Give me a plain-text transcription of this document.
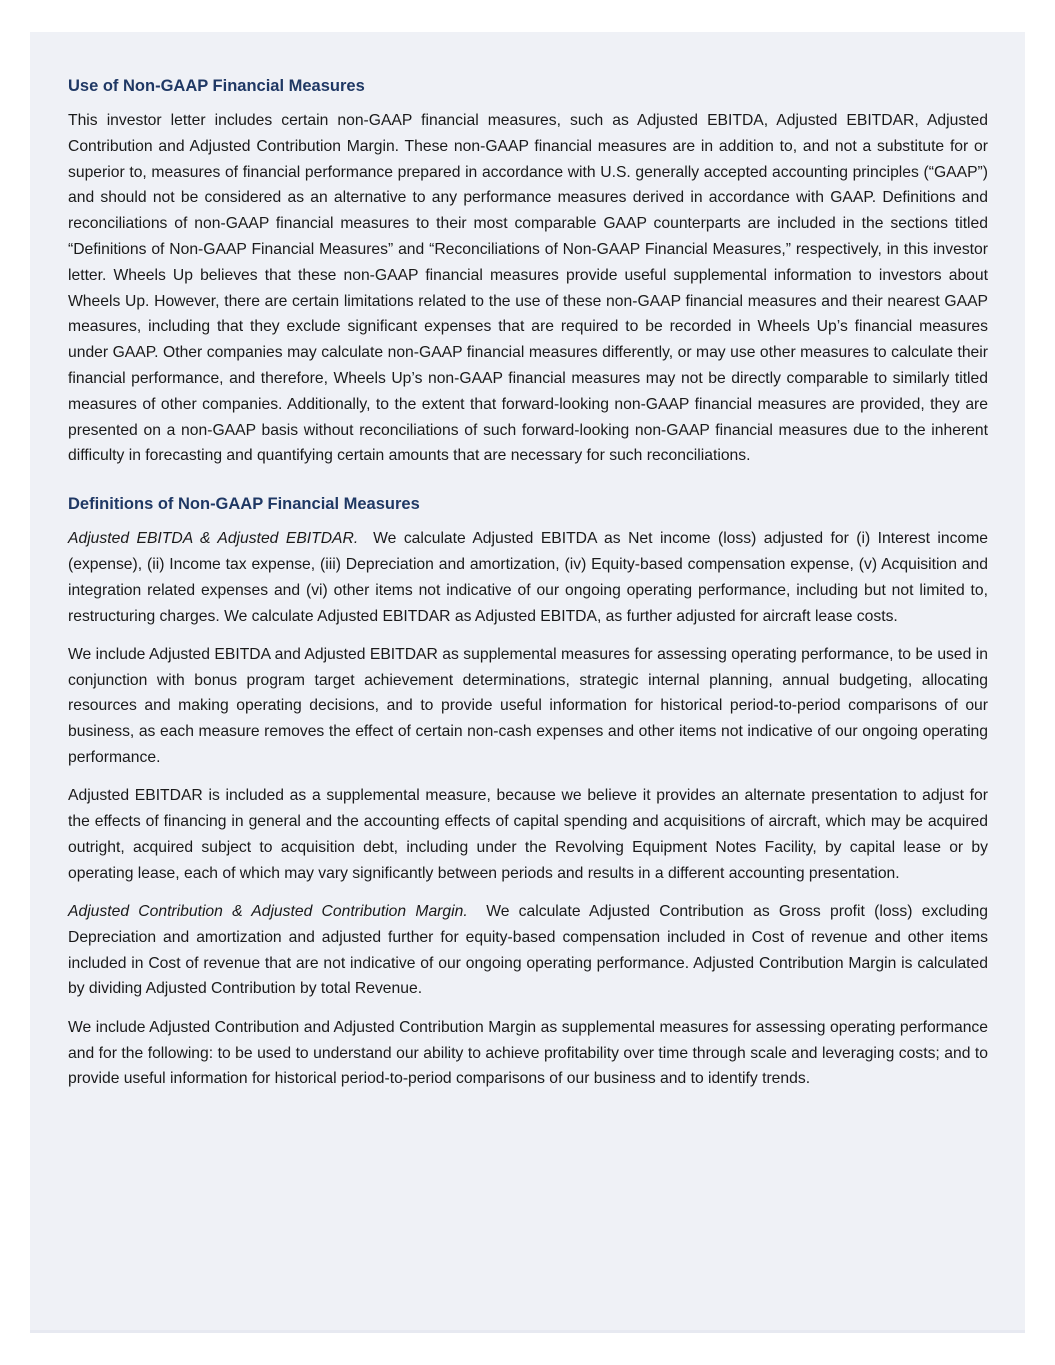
Use of Non-GAAP Financial Measures

This investor letter includes certain non-GAAP financial measures, such as Adjusted EBITDA, Adjusted EBITDAR, Adjusted Contribution and Adjusted Contribution Margin. These non-GAAP financial measures are in addition to, and not a substitute for or superior to, measures of financial performance prepared in accordance with U.S. generally accepted accounting principles (“GAAP”) and should not be considered as an alternative to any performance measures derived in accordance with GAAP. Definitions and reconciliations of non-GAAP financial measures to their most comparable GAAP counterparts are included in the sections titled “Definitions of Non-GAAP Financial Measures” and “Reconciliations of Non-GAAP Financial Measures,” respectively, in this investor letter. Wheels Up believes that these non-GAAP financial measures provide useful supplemental information to investors about Wheels Up. However, there are certain limitations related to the use of these non-GAAP financial measures and their nearest GAAP measures, including that they exclude significant expenses that are required to be recorded in Wheels Up’s financial measures under GAAP. Other companies may calculate non-GAAP financial measures differently, or may use other measures to calculate their financial performance, and therefore, Wheels Up’s non-GAAP financial measures may not be directly comparable to similarly titled measures of other companies. Additionally, to the extent that forward-looking non-GAAP financial measures are provided, they are presented on a non-GAAP basis without reconciliations of such forward-looking non-GAAP financial measures due to the inherent difficulty in forecasting and quantifying certain amounts that are necessary for such reconciliations.

Definitions of Non-GAAP Financial Measures

Adjusted EBITDA & Adjusted EBITDAR.  We calculate Adjusted EBITDA as Net income (loss) adjusted for (i) Interest income (expense), (ii) Income tax expense, (iii) Depreciation and amortization, (iv) Equity-based compensation expense, (v) Acquisition and integration related expenses and (vi) other items not indicative of our ongoing operating performance, including but not limited to, restructuring charges. We calculate Adjusted EBITDAR as Adjusted EBITDA, as further adjusted for aircraft lease costs.

We include Adjusted EBITDA and Adjusted EBITDAR as supplemental measures for assessing operating performance, to be used in conjunction with bonus program target achievement determinations, strategic internal planning, annual budgeting, allocating resources and making operating decisions, and to provide useful information for historical period-to-period comparisons of our business, as each measure removes the effect of certain non-cash expenses and other items not indicative of our ongoing operating performance.

Adjusted EBITDAR is included as a supplemental measure, because we believe it provides an alternate presentation to adjust for the effects of financing in general and the accounting effects of capital spending and acquisitions of aircraft, which may be acquired outright, acquired subject to acquisition debt, including under the Revolving Equipment Notes Facility, by capital lease or by operating lease, each of which may vary significantly between periods and results in a different accounting presentation.

Adjusted Contribution & Adjusted Contribution Margin.  We calculate Adjusted Contribution as Gross profit (loss) excluding Depreciation and amortization and adjusted further for equity-based compensation included in Cost of revenue and other items included in Cost of revenue that are not indicative of our ongoing operating performance. Adjusted Contribution Margin is calculated by dividing Adjusted Contribution by total Revenue.

We include Adjusted Contribution and Adjusted Contribution Margin as supplemental measures for assessing operating performance and for the following: to be used to understand our ability to achieve profitability over time through scale and leveraging costs; and to provide useful information for historical period-to-period comparisons of our business and to identify trends.
